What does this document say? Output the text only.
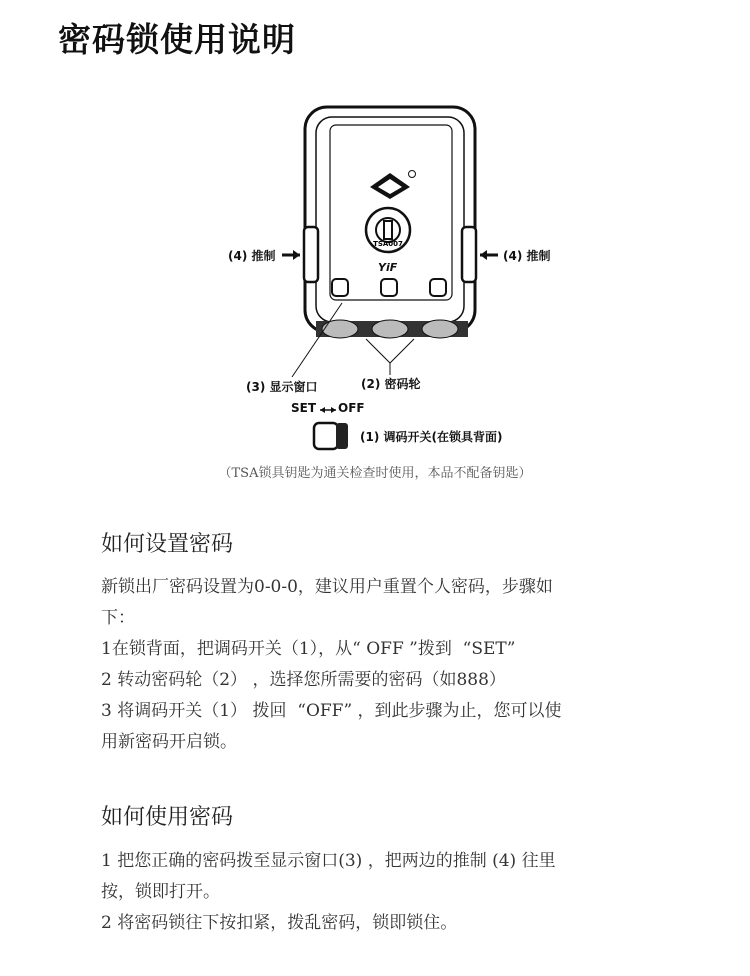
密码锁使用说明
TSA007
(4) 推制	(4) 推制
YiF
(3) 显示窗口	(2) 密码轮
SET OFF
(1) 调码开关(在锁具背面)
（TSA锁具钥匙为通关检查时使用，本品不配备钥匙）
如何设置密码
新锁出厂密码设置为0-0-0，建议用户重置个人密码，步骤如
下：
1在锁背面，把调码开关（1），从“ OFF ”拨到  “SET”
2 转动密码轮（2） ，选择您所需要的密码（如888）
3 将调码开关（1） 拨回  “OFF” ，到此步骤为止，您可以使
用新密码开启锁。
如何使用密码
1 把您正确的密码拨至显示窗口(3) ，把两边的推制 (4) 往里
按，锁即打开。
2 将密码锁往下按扣紧，拨乱密码，锁即锁住。
